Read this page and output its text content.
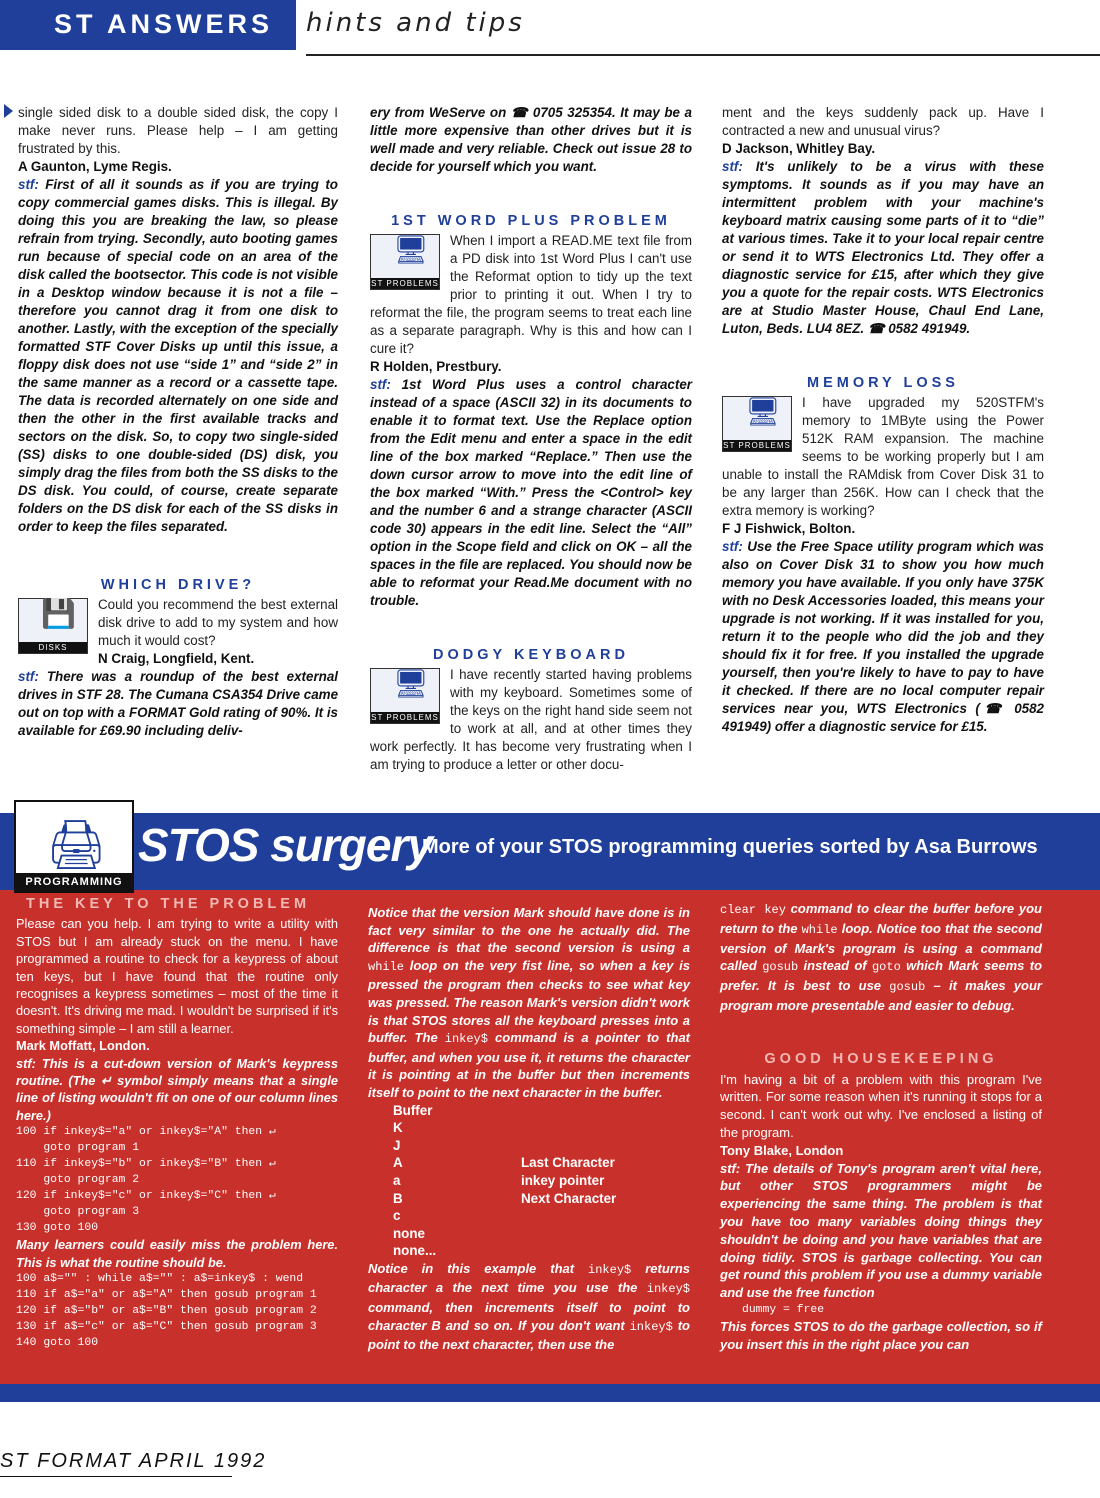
ST ANSWERS	hints and tips

single sided disk to a double sided disk, the copy I make never runs. Please help – I am getting frustrated by this.

A Gaunton, Lyme Regis.

stf: First of all it sounds as if you are trying to copy commercial games disks. This is illegal. By doing this you are breaking the law, so please refrain from trying. Secondly, auto booting games run because of special code on an area of the disk called the bootsector. This code is not visible in a Desktop window because it is not a file – therefore you cannot drag it from one disk to another. Lastly, with the exception of the specially formatted STF Cover Disks up until this issue, a floppy disk does not use “side 1” and “side 2” in the same manner as a record or a cassette tape. The data is recorded alternately on one side and then the other in the first available tracks and sectors on the disk. So, to copy two single-sided (SS) disks to one double-sided (DS) disk, you simply drag the files from both the SS disks to the DS disk. You could, of course, create separate folders on the DS disk for each of the SS disks in order to keep the files separated.

WHICH DRIVE?
💾
DISKS

Could you recommend the best external disk drive to add to my system and how much it would cost?

N Craig, Longfield, Kent.

stf: There was a roundup of the best external drives in STF 28. The Cumana CSA354 Drive came out on top with a FORMAT Gold rating of 90%. It is available for £69.90 including deliv-

ery from WeServe on ☎ 0705 325354. It may be a little more expensive than other drives but it is well made and very reliable. Check out issue 28 to decide for yourself which you want.

1ST WORD PLUS PROBLEM
🖥
ST PROBLEMS

When I import a READ.ME text file from a PD disk into 1st Word Plus I can't use the Reformat option to tidy up the text prior to printing it out. When I try to reformat the file, the program seems to treat each line as a separate paragraph. Why is this and how can I cure it?

R Holden, Prestbury.

stf: 1st Word Plus uses a control character instead of a space (ASCII 32) in its documents to enable it to format text. Use the Replace option from the Edit menu and enter a space in the edit line of the box marked “Replace.” Then use the down cursor arrow to move into the edit line of the box marked “With.” Press the <Control> key and the number 6 and a strange character (ASCII code 30) appears in the edit line. Select the “All” option in the Scope field and click on OK – all the spaces in the file are replaced. You should now be able to reformat your Read.Me document with no trouble.

DODGY KEYBOARD
🖥
ST PROBLEMS

I have recently started having problems with my keyboard. Sometimes some of the keys on the right hand side seem not to work at all, and at other times they work perfectly. It has become very frustrating when I am trying to produce a letter or other docu-

ment and the keys suddenly pack up. Have I contracted a new and unusual virus?

D Jackson, Whitley Bay.

stf: It's unlikely to be a virus with these symptoms. It sounds as if you may have an intermittent problem with your machine's keyboard matrix causing some parts of it to “die” at various times. Take it to your local repair centre or send it to WTS Electronics Ltd. They offer a diagnostic service for £15, after which they give you a quote for the repair costs. WTS Electronics are at Studio Master House, Chaul End Lane, Luton, Beds. LU4 8EZ. ☎ 0582 491949.

MEMORY LOSS
🖥
ST PROBLEMS

I have upgraded my 520STFM's memory to 1MByte using the Power 512K RAM expansion. The machine seems to be working properly but I am unable to install the RAMdisk from Cover Disk 31 to be any larger than 256K. How can I check that the extra memory is working?

F J Fishwick, Bolton.

stf: Use the Free Space utility program which was also on Cover Disk 31 to show you how much memory you have available. If you only have 375K with no Desk Accessories loaded, this means your upgrade is not working. If it was installed for you, return it to the people who did the job and they should fix it for free. If you installed the upgrade yourself, then you're likely to have to pay to have it checked. If there are no local computer repair services near you, WTS Electronics (☎ 0582 491949) offer a diagnostic service for £15.

🖨
PROGRAMMING
STOS surgery
More of your STOS programming queries sorted by Asa Burrows
THE KEY TO THE PROBLEM

Please can you help. I am trying to write a utility with STOS but I am already stuck on the menu. I have programmed a routine to check for a keypress of about ten keys, but I have found that the routine only recognises a keypress sometimes – most of the time it doesn't. It's driving me mad. I wouldn't be surprised if it's something simple – I am still a learner.

Mark Moffatt, London.

stf: This is a cut-down version of Mark's keypress routine. (The ↵ symbol simply means that a single line of listing wouldn't fit on one of our column lines here.)

100 if inkey$="a" or inkey$="A" then ↵
goto program 1
110 if inkey$="b" or inkey$="B" then ↵
goto program 2
120 if inkey$="c" or inkey$="C" then ↵
goto program 3
130 goto 100

Many learners could easily miss the problem here. This is what the routine should be.

100 a$="" : while a$="" : a$=inkey$ : wend
110 if a$="a" or a$="A" then gosub program 1
120 if a$="b" or a$="B" then gosub program 2
130 if a$="c" or a$="C" then gosub program 3
140 goto 100

Notice that the version Mark should have done is in fact very similar to the one he actually did. The difference is that the second version is using a while loop on the very fist line, so when a key is pressed the program then checks to see what key was pressed. The reason Mark's version didn't work is that STOS stores all the keyboard presses into a buffer. The inkey$ command is a pointer to that buffer, and when you use it, it returns the character it is pointing at in the buffer but then increments itself to point to the next character in the buffer.

Buffer
K
J
A	Last Character
a	inkey pointer
B	Next Character
c
none
none...

Notice in this example that inkey$ returns character a the next time you use the inkey$ command, then increments itself to point to character B and so on. If you don't want inkey$ to point to the next character, then use the

clear key command to clear the buffer before you return to the while loop. Notice too that the second version of Mark's program is using a command called gosub instead of goto which Mark seems to prefer. It is best to use gosub – it makes your program more presentable and easier to debug.

GOOD HOUSEKEEPING

I'm having a bit of a problem with this program I've written. For some reason when it's running it stops for a second. I can't work out why. I've enclosed a listing of the program.

Tony Blake, London

stf: The details of Tony's program aren't vital here, but other STOS programmers might be experiencing the same thing. The problem is that you have too many variables doing things they shouldn't be doing and you have variables that are doing tidily. STOS is garbage collecting. You can get round this problem if you use a dummy variable and use the free function

dummy = free

This forces STOS to do the garbage collection, so if you insert this in the right place you can

ST FORMAT APRIL 1992
